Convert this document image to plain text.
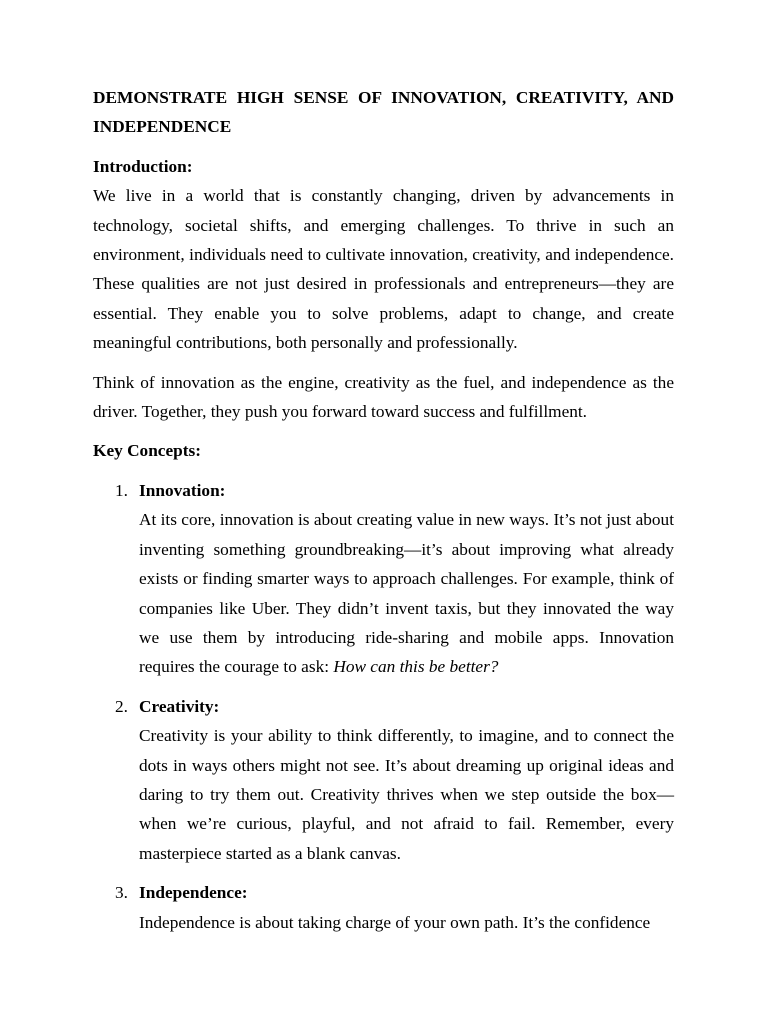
DEMONSTRATE HIGH SENSE OF INNOVATION, CREATIVITY, AND INDEPENDENCE
Introduction:

We live in a world that is constantly changing, driven by advancements in technology, societal shifts, and emerging challenges. To thrive in such an environment, individuals need to cultivate innovation, creativity, and independence. These qualities are not just desired in professionals and entrepreneurs—they are essential. They enable you to solve problems, adapt to change, and create meaningful contributions, both personally and professionally.

Think of innovation as the engine, creativity as the fuel, and independence as the driver. Together, they push you forward toward success and fulfillment.

Key Concepts:
1. Innovation:
At its core, innovation is about creating value in new ways. It’s not just about inventing something groundbreaking—it’s about improving what already exists or finding smarter ways to approach challenges. For example, think of companies like Uber. They didn’t invent taxis, but they innovated the way we use them by introducing ride-sharing and mobile apps. Innovation requires the courage to ask: How can this be better?
2. Creativity:
Creativity is your ability to think differently, to imagine, and to connect the dots in ways others might not see. It’s about dreaming up original ideas and daring to try them out. Creativity thrives when we step outside the box—when we’re curious, playful, and not afraid to fail. Remember, every masterpiece started as a blank canvas.
3. Independence:
Independence is about taking charge of your own path. It’s the confidence
